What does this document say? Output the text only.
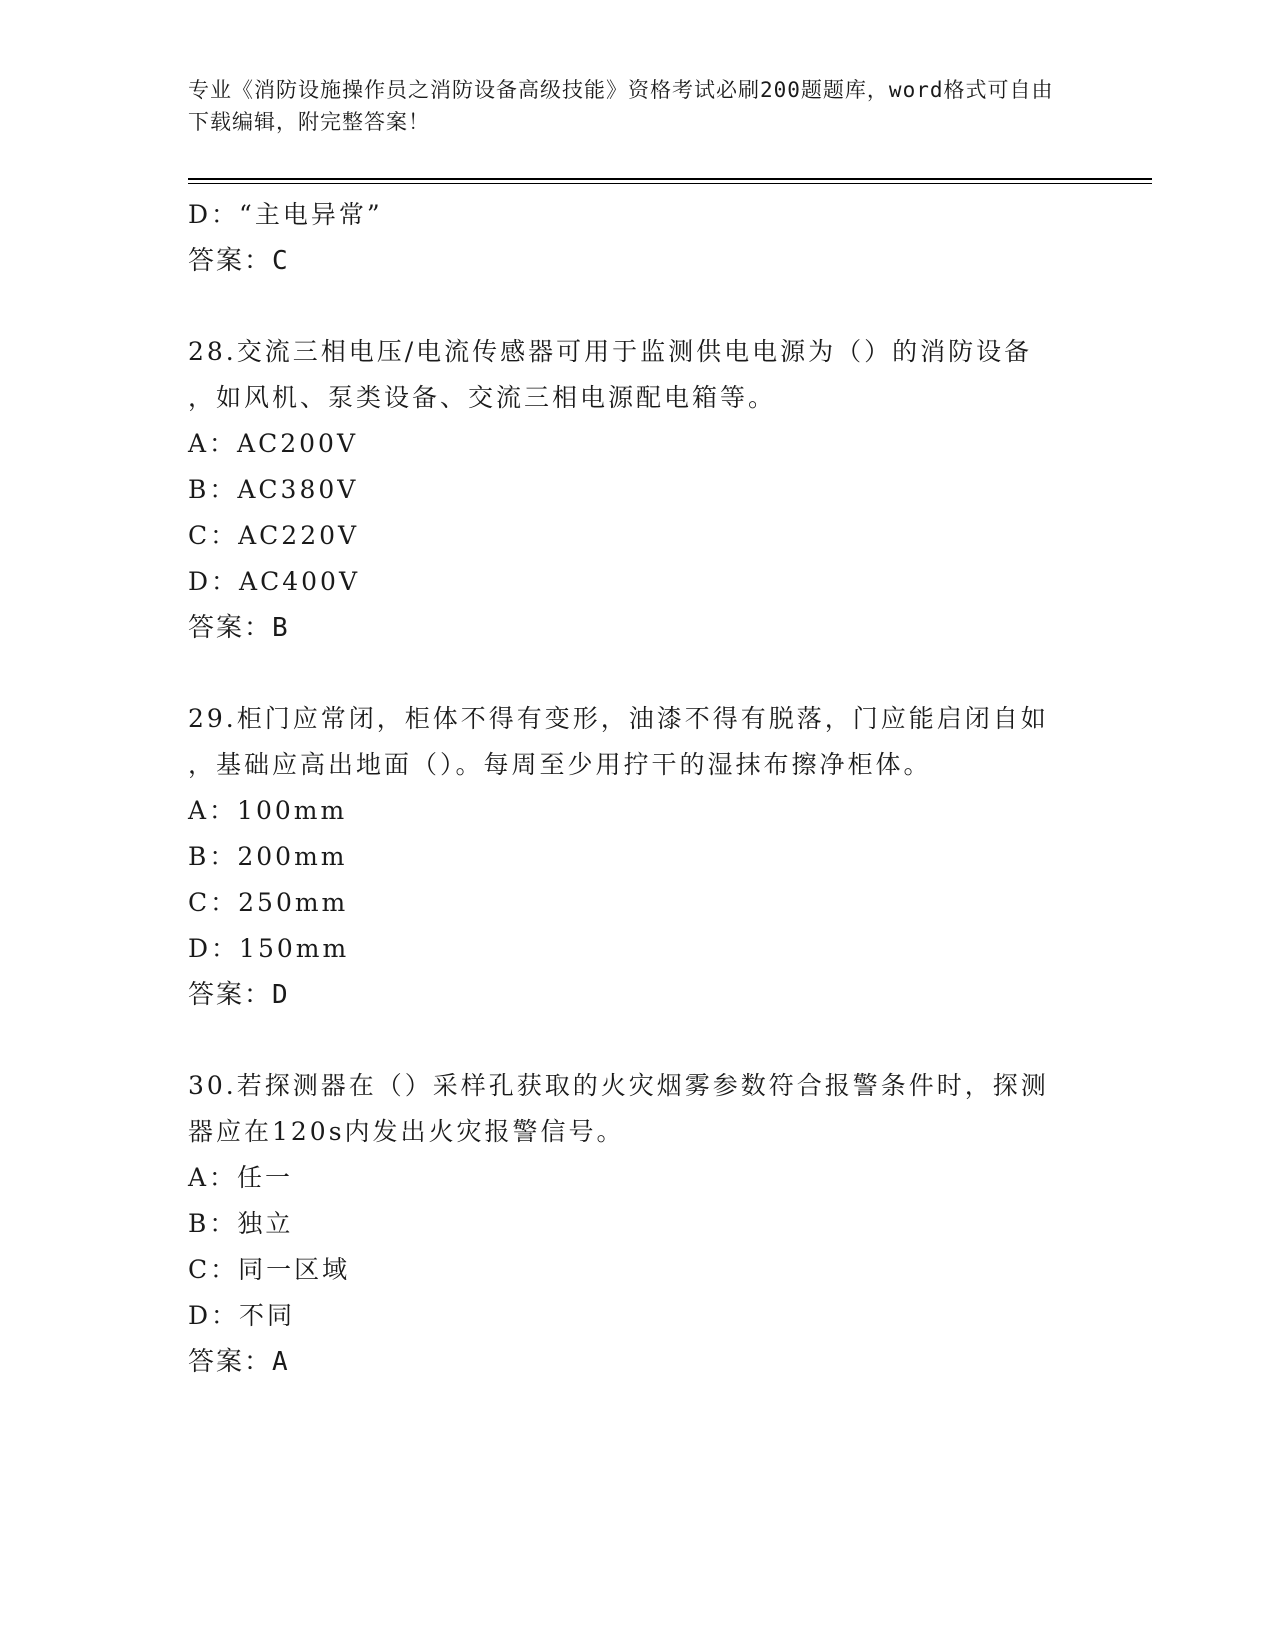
专业《消防设施操作员之消防设备高级技能》资格考试必刷200题题库，word格式可自由下载编辑，附完整答案！
D：“主电异常”
答案：C
28.交流三相电压/电流传感器可用于监测供电电源为（）的消防设备
，如风机、泵类设备、交流三相电源配电箱等。
A：AC200V
B：AC380V
C：AC220V
D：AC400V
答案：B
29.柜门应常闭，柜体不得有变形，油漆不得有脱落，门应能启闭自如
，基础应高出地面（）。每周至少用拧干的湿抹布擦净柜体。
A：100mm
B：200mm
C：250mm
D：150mm
答案：D
30.若探测器在（）采样孔获取的火灾烟雾参数符合报警条件时，探测
器应在120s内发出火灾报警信号。
A：任一
B：独立
C：同一区域
D：不同
答案：A
